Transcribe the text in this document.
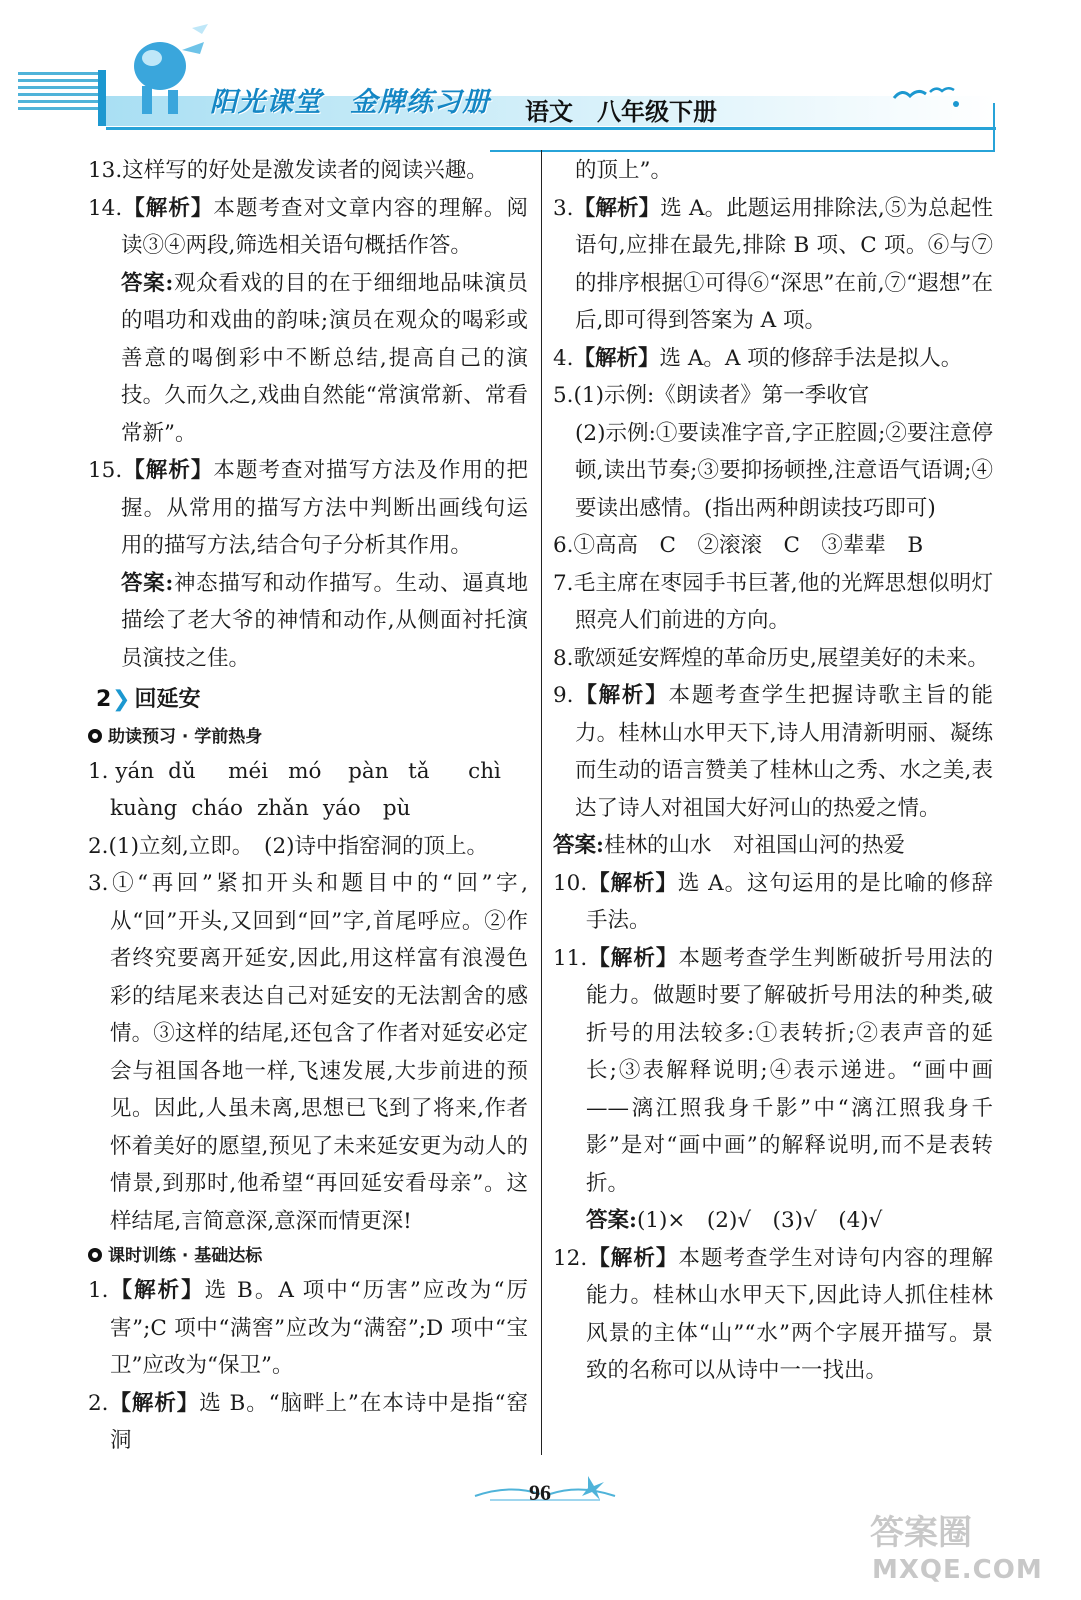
阳光课堂　金牌练习册 语文　八年级下册

13.这样写的好处是激发读者的阅读兴趣。

14.【解析】本题考查对文章内容的理解。阅读③④两段,筛选相关语句概括作答。

答案:观众看戏的目的在于细细地品味演员的唱功和戏曲的韵味;演员在观众的喝彩或善意的喝倒彩中不断总结,提高自己的演技。久而久之,戏曲自然能“常演常新、常看常新”。

15.【解析】本题考查对描写方法及作用的把握。从常用的描写方法中判断出画线句运用的描写方法,结合句子分析其作用。

答案:神态描写和动作描写。生动、逼真地描绘了老大爷的神情和动作,从侧面衬托演员演技之佳。

2❯ 回延安

助读预习 · 学前热身

1. yán dǔ méi mó pàn tǎ chì

kuàng cháo zhǎn yáo pù

2.(1)立刻,立即。　(2)诗中指窑洞的顶上。

3.①“再回”紧扣开头和题目中的“回”字,从“回”开头,又回到“回”字,首尾呼应。②作者终究要离开延安,因此,用这样富有浪漫色彩的结尾来表达自己对延安的无法割舍的感情。③这样的结尾,还包含了作者对延安必定会与祖国各地一样,飞速发展,大步前进的预见。因此,人虽未离,思想已飞到了将来,作者怀着美好的愿望,预见了未来延安更为动人的情景,到那时,他希望“再回延安看母亲”。这样结尾,言简意深,意深而情更深!

课时训练 · 基础达标

1.【解析】选 B。A 项中“历害”应改为“厉害”;C 项中“满窖”应改为“满窑”;D 项中“宝卫”应改为“保卫”。

2.【解析】选 B。“脑畔上”在本诗中是指“窑洞

的顶上”。

3.【解析】选 A。此题运用排除法,⑤为总起性语句,应排在最先,排除 B 项、C 项。⑥与⑦的排序根据①可得⑥“深思”在前,⑦“遐想”在后,即可得到答案为 A 项。

4.【解析】选 A。A 项的修辞手法是拟人。

5.(1)示例:《朗读者》第一季收官

(2)示例:①要读准字音,字正腔圆;②要注意停顿,读出节奏;③要抑扬顿挫,注意语气语调;④要读出感情。(指出两种朗读技巧即可)

6.①高高　C　②滚滚　C　③辈辈　B

7.毛主席在枣园手书巨著,他的光辉思想似明灯照亮人们前进的方向。

8.歌颂延安辉煌的革命历史,展望美好的未来。

9.【解析】本题考查学生把握诗歌主旨的能力。桂林山水甲天下,诗人用清新明丽、凝练而生动的语言赞美了桂林山之秀、水之美,表达了诗人对祖国大好河山的热爱之情。

答案:桂林的山水　对祖国山河的热爱

10.【解析】选 A。这句运用的是比喻的修辞手法。

11.【解析】本题考查学生判断破折号用法的能力。做题时要了解破折号用法的种类,破折号的用法较多:①表转折;②表声音的延长;③表解释说明;④表示递进。“画中画——漓江照我身千影”中“漓江照我身千影”是对“画中画”的解释说明,而不是表转折。

答案:(1)×　(2)√　(3)√　(4)√

12.【解析】本题考查学生对诗句内容的理解能力。桂林山水甲天下,因此诗人抓住桂林风景的主体“山”“水”两个字展开描写。景致的名称可以从诗中一一找出。

96
答案圈
MXQE.COM
